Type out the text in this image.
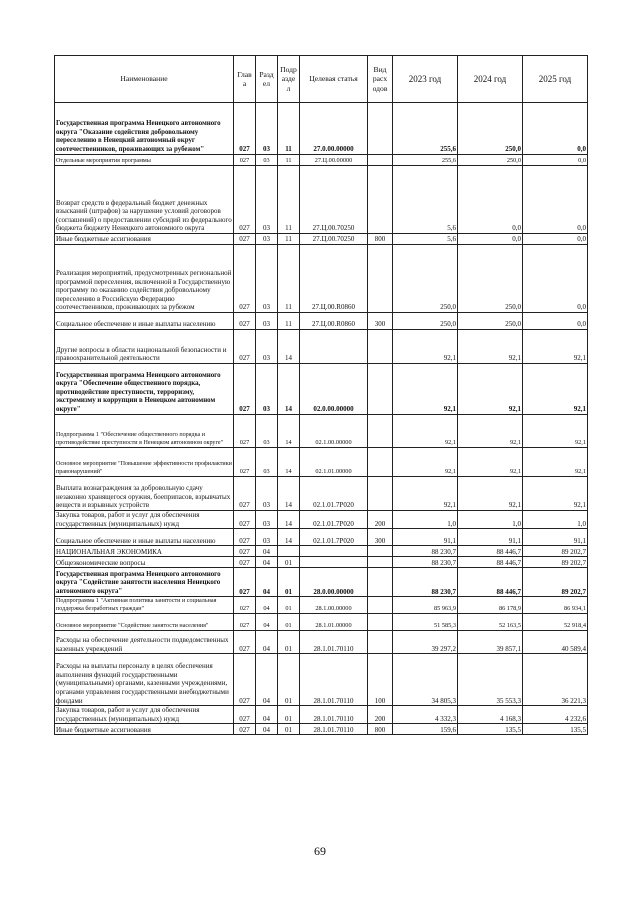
Наименование	Глав а	Разд ел	Подр азде л	Целевая статья	Вид расх одов	2023 год	2024 год	2025 год
Государственная программа Ненецкого автономного округа "Оказание содействия добровольному переселению в Ненецкий автономный округ соотечественников, проживающих за рубежом"	027	03	11	27.0.00.00000		255,6	250,0	0,0
Отдельные мероприятия программы	027	03	11	27.Ц.00.00000		255,6	250,0	0,0
Возврат средств в федеральный бюджет денежных взысканий (штрафов) за нарушение условий договоров (соглашений) о предоставлении субсидий из федерального бюджета бюджету Ненецкого автономного округа	027	03	11	27.Ц.00.70250		5,6	0,0	0,0
Иные бюджетные ассигнования	027	03	11	27.Ц.00.70250	800	5,6	0,0	0,0
Реализация мероприятий, предусмотренных региональной программой переселения, включенной в Государственную программу по оказанию содействия добровольному переселению в Российскую Федерацию соотечественников, проживающих за рубежом	027	03	11	27.Ц.00.R0860		250,0	250,0	0,0
Социальное обеспечение и иные выплаты населению	027	03	11	27.Ц.00.R0860	300	250,0	250,0	0,0
Другие вопросы в области национальной безопасности и правоохранительной деятельности	027	03	14			92,1	92,1	92,1
Государственная программа Ненецкого автономного округа "Обеспечение общественного порядка, противодействие преступности, терроризму, экстремизму и коррупции в Ненецком автономном округе"	027	03	14	02.0.00.00000		92,1	92,1	92,1
Подпрограмма 1 "Обеспечение общественного порядка и противодействие преступности в Ненецком автономном округе"	027	03	14	02.1.00.00000		92,1	92,1	92,1
Основное мероприятие "Повышение эффективности профилактики правонарушений"	027	03	14	02.1.01.00000		92,1	92,1	92,1
Выплата вознаграждения за добровольную сдачу незаконно хранящегося оружия, боеприпасов, взрывчатых веществ и взрывных устройств	027	03	14	02.1.01.7Р020		92,1	92,1	92,1
Закупка товаров, работ и услуг для обеспечения государственных (муниципальных) нужд	027	03	14	02.1.01.7Р020	200	1,0	1,0	1,0
Социальное обеспечение и иные выплаты населению	027	03	14	02.1.01.7Р020	300	91,1	91,1	91,1
НАЦИОНАЛЬНАЯ ЭКОНОМИКА	027	04				88 230,7	88 446,7	89 202,7
Общеэкономические вопросы	027	04	01			88 230,7	88 446,7	89 202,7
Государственная программа Ненецкого автономного округа "Содействие занятости населения Ненецкого автономного округа"	027	04	01	28.0.00.00000		88 230,7	88 446,7	89 202,7
Подпрограмма 1 "Активная политика занятости и социальная поддержка безработных граждан"	027	04	01	28.1.00.00000		85 963,9	86 178,9	86 934,1
Основное мероприятие "Содействие занятости населения"	027	04	01	28.1.01.00000		51 585,3	52 163,5	52 918,4
Расходы на обеспечение деятельности подведомственных казенных учреждений	027	04	01	28.1.01.70110		39 297,2	39 857,1	40 589,4
Расходы на выплаты персоналу в целях обеспечения выполнения функций государственными (муниципальными) органами, казенными учреждениями, органами управления государственными внебюджетными фондами	027	04	01	28.1.01.70110	100	34 805,3	35 553,3	36 221,3
Закупка товаров, работ и услуг для обеспечения государственных (муниципальных) нужд	027	04	01	28.1.01.70110	200	4 332,3	4 168,3	4 232,6
Иные бюджетные ассигнования	027	04	01	28.1.01.70110	800	159,6	135,5	135,5
69
